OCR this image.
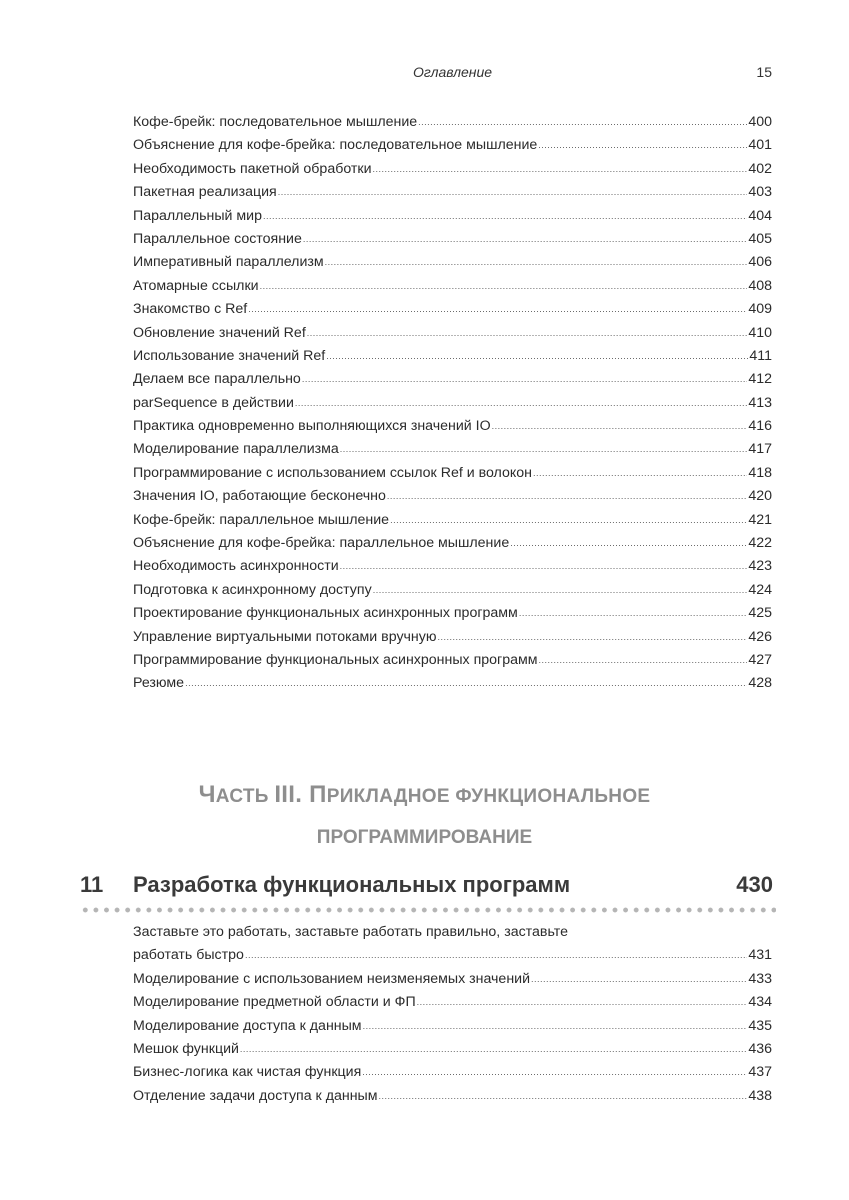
Оглавление	15
Кофе-брейк: последовательное мышление .....	400
Объяснение для кофе-брейка: последовательное мышление .....	401
Необходимость пакетной обработки .....	402
Пакетная реализация .....	403
Параллельный мир .....	404
Параллельное состояние .....	405
Императивный параллелизм .....	406
Атомарные ссылки .....	408
Знакомство с Ref .....	409
Обновление значений Ref .....	410
Использование значений Ref .....	411
Делаем все параллельно .....	412
parSequence в действии .....	413
Практика одновременно выполняющихся значений IO .....	416
Моделирование параллелизма .....	417
Программирование с использованием ссылок Ref и волокон .....	418
Значения IO, работающие бесконечно .....	420
Кофе-брейк: параллельное мышление .....	421
Объяснение для кофе-брейка: параллельное мышление .....	422
Необходимость асинхронности .....	423
Подготовка к асинхронному доступу .....	424
Проектирование функциональных асинхронных программ .....	425
Управление виртуальными потоками вручную .....	426
Программирование функциональных асинхронных программ .....	427
Резюме .....	428
ЧАСТЬ III. ПРИКЛАДНОЕ ФУНКЦИОНАЛЬНОЕ
ПРОГРАММИРОВАНИЕ
11 Разработка функциональных программ	430
Заставьте это работать, заставьте работать правильно, заставьте
работать быстро .....	431
Моделирование с использованием неизменяемых значений .....	433
Моделирование предметной области и ФП .....	434
Моделирование доступа к данным .....	435
Мешок функций .....	436
Бизнес-логика как чистая функция .....	437
Отделение задачи доступа к данным .....	438
